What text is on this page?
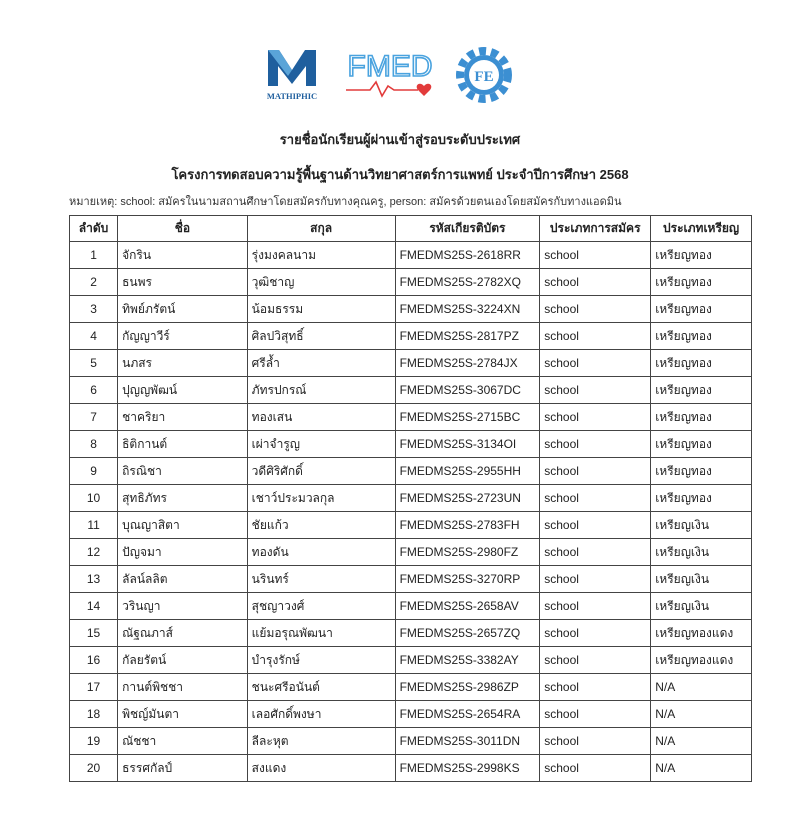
MATHIPHIC
FMED	FE
รายชื่อนักเรียนผู้ผ่านเข้าสู่รอบระดับประเทศ
โครงการทดสอบความรู้พื้นฐานด้านวิทยาศาสตร์การแพทย์ ประจำปีการศึกษา 2568
หมายเหตุ: school: สมัครในนามสถานศึกษาโดยสมัครกับทางคุณครู, person: สมัครด้วยตนเองโดยสมัครกับทางแอดมิน
ลำดับ	ชื่อ	สกุล	รหัสเกียรติบัตร	ประเภทการสมัคร	ประเภทเหรียญ
1	จักริน	รุ่งมงคลนาม	FMEDMS25S-2618RR	school	เหรียญทอง
2	ธนพร	วุฒิชาญ	FMEDMS25S-2782XQ	school	เหรียญทอง
3	ทิพย์ภรัตน์	น้อมธรรม	FMEDMS25S-3224XN	school	เหรียญทอง
4	กัญญาวีร์	ศิลปวิสุทธิ์	FMEDMS25S-2817PZ	school	เหรียญทอง
5	นภสร	ศรีล้ำ	FMEDMS25S-2784JX	school	เหรียญทอง
6	ปุญญพัฒน์	ภัทรปกรณ์	FMEDMS25S-3067DC	school	เหรียญทอง
7	ชาคริยา	ทองเสน	FMEDMS25S-2715BC	school	เหรียญทอง
8	ธิติกานต์	เผ่าจำรูญ	FMEDMS25S-3134OI	school	เหรียญทอง
9	ถิรณิชา	วดีศิริศักดิ์	FMEDMS25S-2955HH	school	เหรียญทอง
10	สุทธิภัทร	เชาว์ประมวลกุล	FMEDMS25S-2723UN	school	เหรียญทอง
11	บุณญาสิตา	ชัยแก้ว	FMEDMS25S-2783FH	school	เหรียญเงิน
12	ปัญจมา	ทองดัน	FMEDMS25S-2980FZ	school	เหรียญเงิน
13	ลัลน์ลลิต	นรินทร์	FMEDMS25S-3270RP	school	เหรียญเงิน
14	วรินญา	สุชญาวงศ์	FMEDMS25S-2658AV	school	เหรียญเงิน
15	ณัฐณภาส์	แย้มอรุณพัฒนา	FMEDMS25S-2657ZQ	school	เหรียญทองแดง
16	กัลยรัตน์	บำรุงรักษ์	FMEDMS25S-3382AY	school	เหรียญทองแดง
17	กานต์พิชชา	ชนะศรีอนันต์	FMEDMS25S-2986ZP	school	N/A
18	พิชญ์มันตา	เลอศักดิ์พงษา	FMEDMS25S-2654RA	school	N/A
19	ณัชชา	ลีละหุต	FMEDMS25S-3011DN	school	N/A
20	ธรรศกัลป์	สงแดง	FMEDMS25S-2998KS	school	N/A
